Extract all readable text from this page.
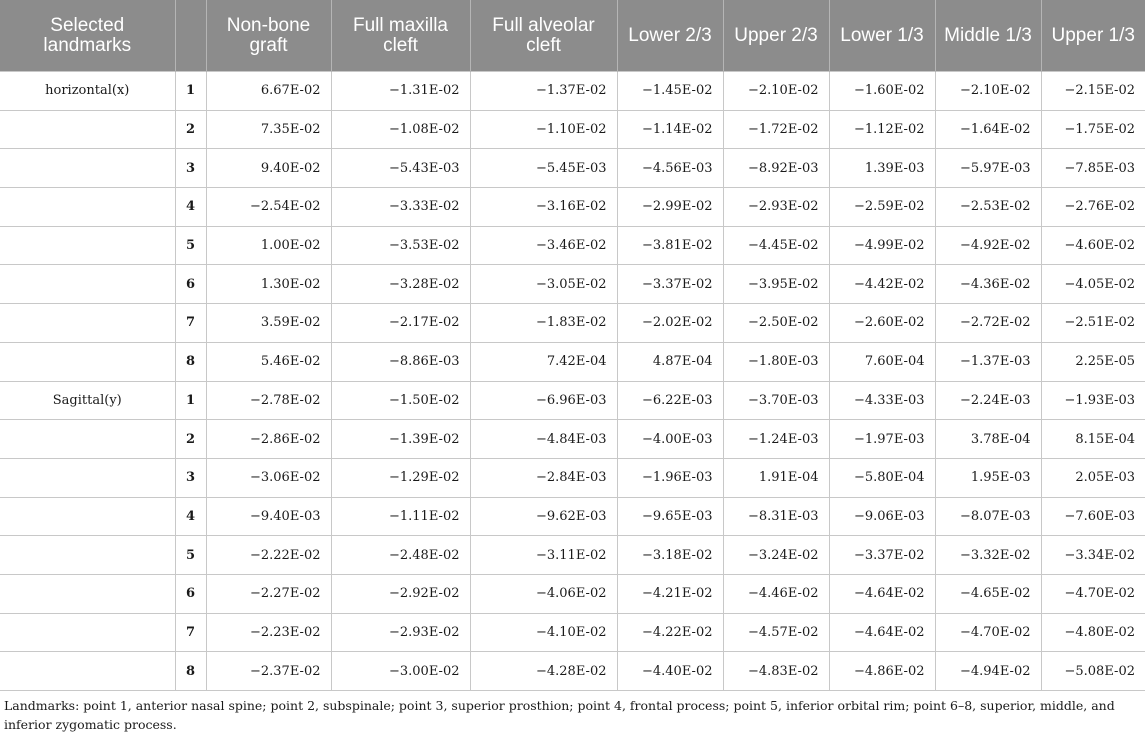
Selected landmarks		Non-bone graft	Full maxilla cleft	Full alveolar cleft	Lower 2/3	Upper 2/3	Lower 1/3	Middle 1/3	Upper 1/3
horizontal(x)	1	6.67E-02	−1.31E-02	−1.37E-02	−1.45E-02	−2.10E-02	−1.60E-02	−2.10E-02	−2.15E-02
	2	7.35E-02	−1.08E-02	−1.10E-02	−1.14E-02	−1.72E-02	−1.12E-02	−1.64E-02	−1.75E-02
	3	9.40E-02	−5.43E-03	−5.45E-03	−4.56E-03	−8.92E-03	1.39E-03	−5.97E-03	−7.85E-03
	4	−2.54E-02	−3.33E-02	−3.16E-02	−2.99E-02	−2.93E-02	−2.59E-02	−2.53E-02	−2.76E-02
	5	1.00E-02	−3.53E-02	−3.46E-02	−3.81E-02	−4.45E-02	−4.99E-02	−4.92E-02	−4.60E-02
	6	1.30E-02	−3.28E-02	−3.05E-02	−3.37E-02	−3.95E-02	−4.42E-02	−4.36E-02	−4.05E-02
	7	3.59E-02	−2.17E-02	−1.83E-02	−2.02E-02	−2.50E-02	−2.60E-02	−2.72E-02	−2.51E-02
	8	5.46E-02	−8.86E-03	7.42E-04	4.87E-04	−1.80E-03	7.60E-04	−1.37E-03	2.25E-05
Sagittal(y)	1	−2.78E-02	−1.50E-02	−6.96E-03	−6.22E-03	−3.70E-03	−4.33E-03	−2.24E-03	−1.93E-03
	2	−2.86E-02	−1.39E-02	−4.84E-03	−4.00E-03	−1.24E-03	−1.97E-03	3.78E-04	8.15E-04
	3	−3.06E-02	−1.29E-02	−2.84E-03	−1.96E-03	1.91E-04	−5.80E-04	1.95E-03	2.05E-03
	4	−9.40E-03	−1.11E-02	−9.62E-03	−9.65E-03	−8.31E-03	−9.06E-03	−8.07E-03	−7.60E-03
	5	−2.22E-02	−2.48E-02	−3.11E-02	−3.18E-02	−3.24E-02	−3.37E-02	−3.32E-02	−3.34E-02
	6	−2.27E-02	−2.92E-02	−4.06E-02	−4.21E-02	−4.46E-02	−4.64E-02	−4.65E-02	−4.70E-02
	7	−2.23E-02	−2.93E-02	−4.10E-02	−4.22E-02	−4.57E-02	−4.64E-02	−4.70E-02	−4.80E-02
	8	−2.37E-02	−3.00E-02	−4.28E-02	−4.40E-02	−4.83E-02	−4.86E-02	−4.94E-02	−5.08E-02
Landmarks: point 1, anterior nasal spine; point 2, subspinale; point 3, superior prosthion; point 4, frontal process; point 5, inferior orbital rim; point 6–8, superior, middle, and inferior zygomatic process.
